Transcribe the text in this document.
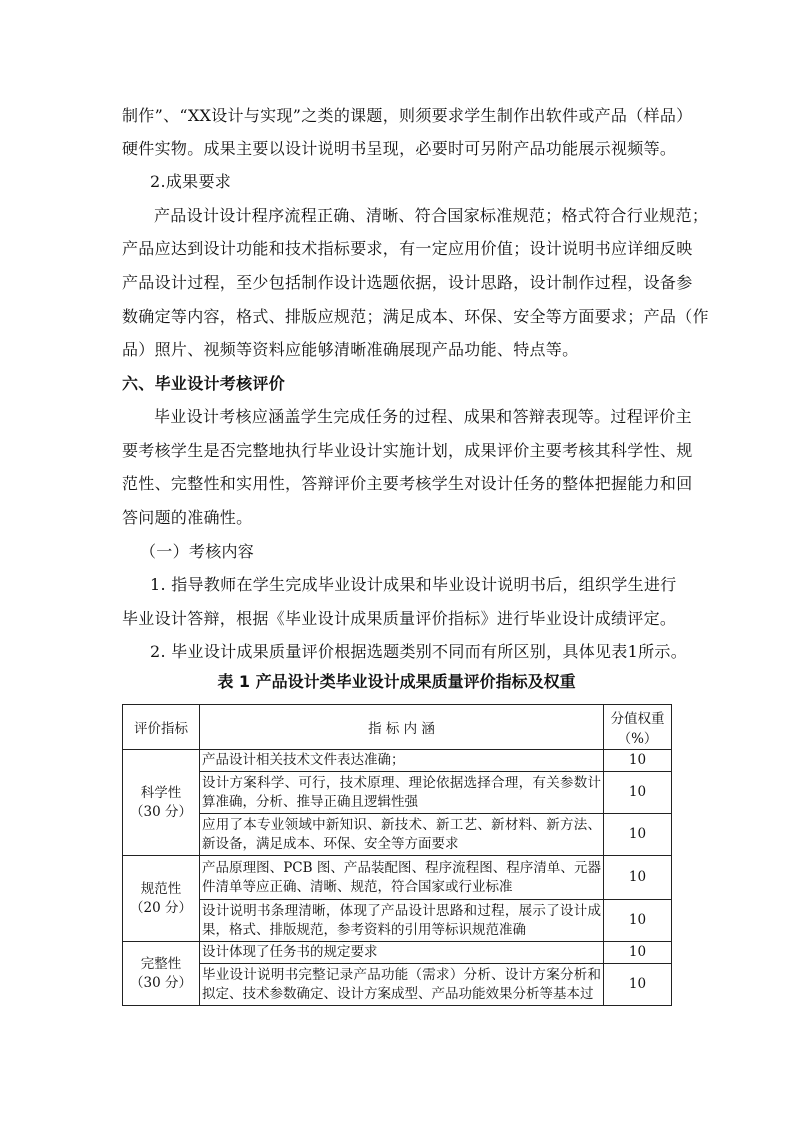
制作”、“XX设计与实现”之类的课题，则须要求学生制作出软件或产品（样品）
硬件实物。成果主要以设计说明书呈现，必要时可另附产品功能展示视频等。
2.成果要求
产品设计设计程序流程正确、清晰、符合国家标准规范；格式符合行业规范；
产品应达到设计功能和技术指标要求，有一定应用价值；设计说明书应详细反映
产品设计过程，至少包括制作设计选题依据，设计思路，设计制作过程，设备参
数确定等内容，格式、排版应规范；满足成本、环保、安全等方面要求；产品（作
品）照片、视频等资料应能够清晰准确展现产品功能、特点等。
六、毕业设计考核评价
毕业设计考核应涵盖学生完成任务的过程、成果和答辩表现等。过程评价主
要考核学生是否完整地执行毕业设计实施计划，成果评价主要考核其科学性、规
范性、完整性和实用性，答辩评价主要考核学生对设计任务的整体把握能力和回
答问题的准确性。
（一）考核内容
1. 指导教师在学生完成毕业设计成果和毕业设计说明书后，组织学生进行
毕业设计答辩，根据《毕业设计成果质量评价指标》进行毕业设计成绩评定。
2. 毕业设计成果质量评价根据选题类别不同而有所区别，具体见表1所示。
表 1 产品设计类毕业设计成果质量评价指标及权重
评价指标	指 标 内 涵	分值权重
（%）

科学性
（30 分）	产品设计相关技术文件表达准确；	10
	设计方案科学、可行，技术原理、理论依据选择合理，有关参数计算准确，分析、推导正确且逻辑性强	10
	应用了本专业领域中新知识、新技术、新工艺、新材料、新方法、新设备，满足成本、环保、安全等方面要求	10

规范性
（20 分）	产品原理图、PCB 图、产品装配图、程序流程图、程序清单、元器件清单等应正确、清晰、规范，符合国家或行业标准	10
	设计说明书条理清晰，体现了产品设计思路和过程，展示了设计成果，格式、排版规范，参考资料的引用等标识规范准确	10

完整性
（30 分）	设计体现了任务书的规定要求	10

	毕业设计说明书完整记录产品功能（需求）分析、设计方案分析和拟定、技术参数确定、设计方案成型、产品功能效果分析等基本过	10
